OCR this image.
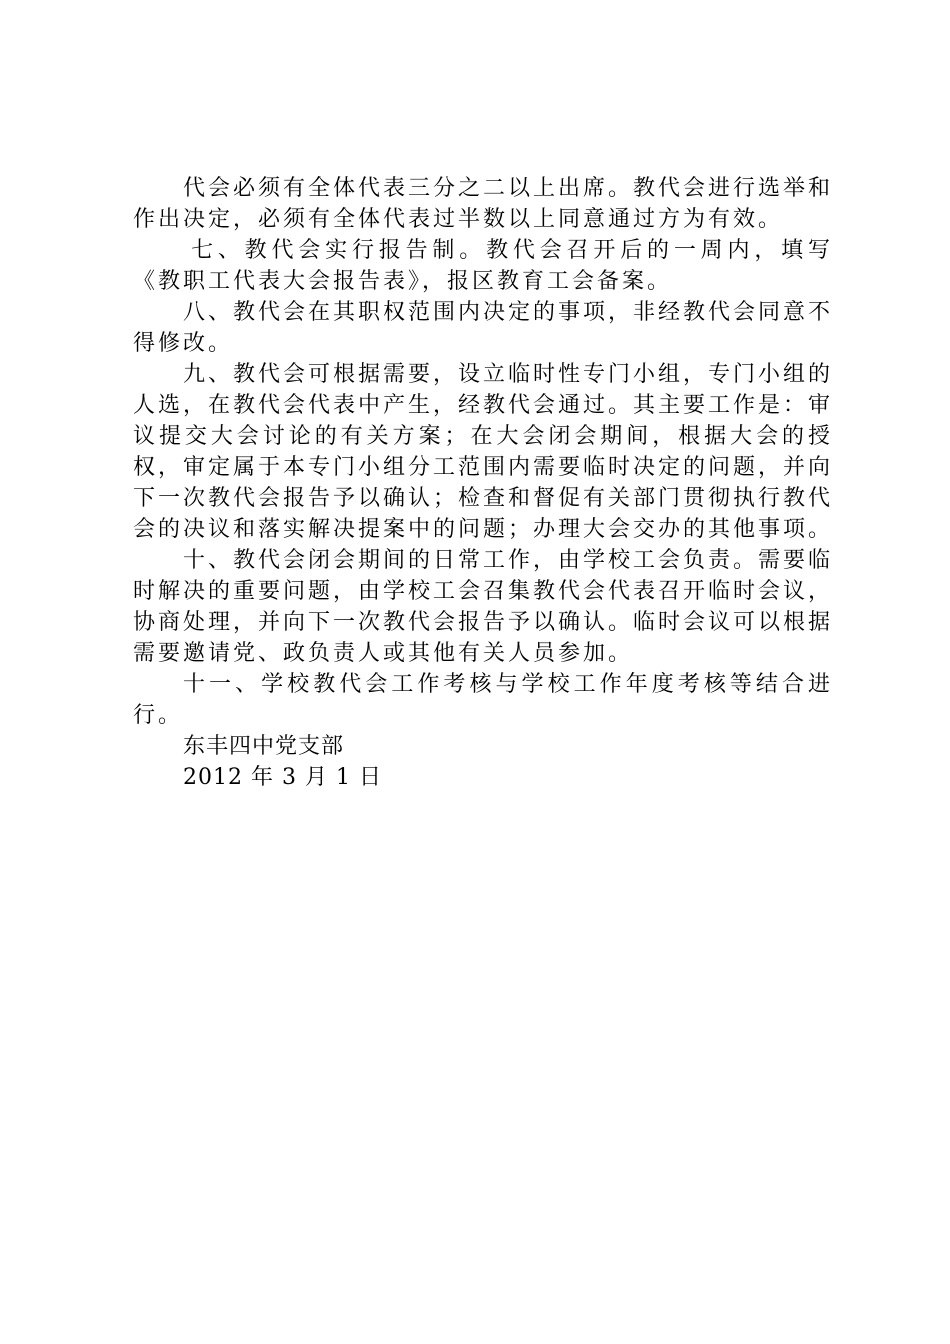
代会必须有全体代表三分之二以上出席。教代会进行选举和作出决定，必须有全体代表过半数以上同意通过方为有效。

七、教代会实行报告制。教代会召开后的一周内，填写《教职工代表大会报告表》，报区教育工会备案。

八、教代会在其职权范围内决定的事项，非经教代会同意不得修改。

九、教代会可根据需要，设立临时性专门小组，专门小组的人选，在教代会代表中产生，经教代会通过。其主要工作是：审议提交大会讨论的有关方案；在大会闭会期间，根据大会的授权，审定属于本专门小组分工范围内需要临时决定的问题，并向下一次教代会报告予以确认；检查和督促有关部门贯彻执行教代会的决议和落实解决提案中的问题；办理大会交办的其他事项。

十、教代会闭会期间的日常工作，由学校工会负责。需要临时解决的重要问题，由学校工会召集教代会代表召开临时会议，协商处理，并向下一次教代会报告予以确认。临时会议可以根据需要邀请党、政负责人或其他有关人员参加。

十一、学校教代会工作考核与学校工作年度考核等结合进行。

东丰四中党支部

2012 年 3 月 1 日
